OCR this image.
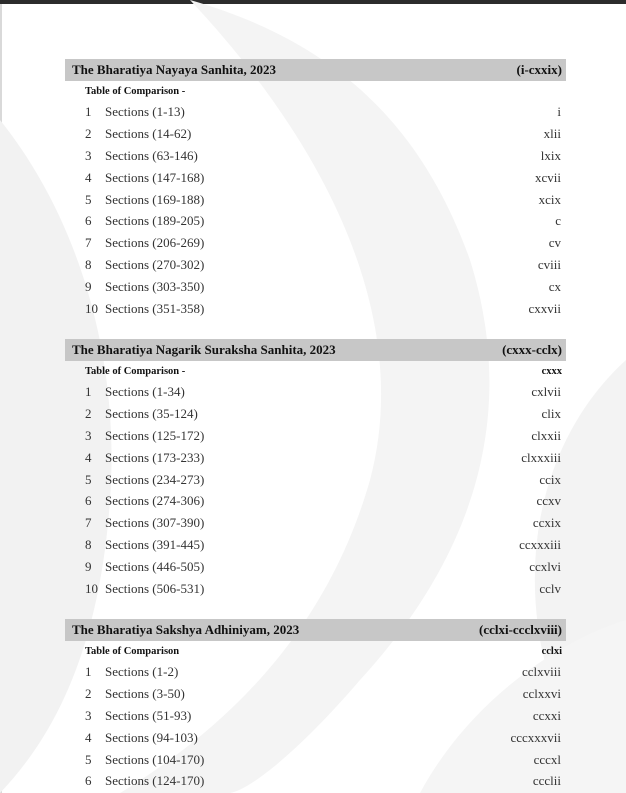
The Bharatiya Nayaya Sanhita, 2023	(i-cxxix)
Table of Comparison -
1	Sections (1-13)	i
2	Sections (14-62)	xlii
3	Sections (63-146)	lxix
4	Sections (147-168)	xcvii
5	Sections (169-188)	xcix
6	Sections (189-205)	c
7	Sections (206-269)	cv
8	Sections (270-302)	cviii
9	Sections (303-350)	cx
10 Sections (351-358)	cxxvii
The Bharatiya Nagarik Suraksha Sanhita, 2023	(cxxx-cclx)
Table of Comparison -	cxxx
1	Sections (1-34)	cxlvii
2	Sections (35-124)	clix
3	Sections (125-172)	clxxii
4	Sections (173-233)	clxxxiii
5	Sections (234-273)	ccix
6	Sections (274-306)	ccxv
7	Sections (307-390)	ccxix
8	Sections (391-445)	ccxxxiii
9	Sections (446-505)	ccxlvi
10 Sections (506-531)	cclv
The Bharatiya Sakshya Adhiniyam, 2023	(cclxi-ccclxviii)
Table of Comparison	cclxi
1	Sections (1-2)	cclxviii
2	Sections (3-50)	cclxxvi
3	Sections (51-93)	ccxxi
4	Sections (94-103)	cccxxxvii
5	Sections (104-170)	cccxl
6	Sections (124-170)	ccclii
